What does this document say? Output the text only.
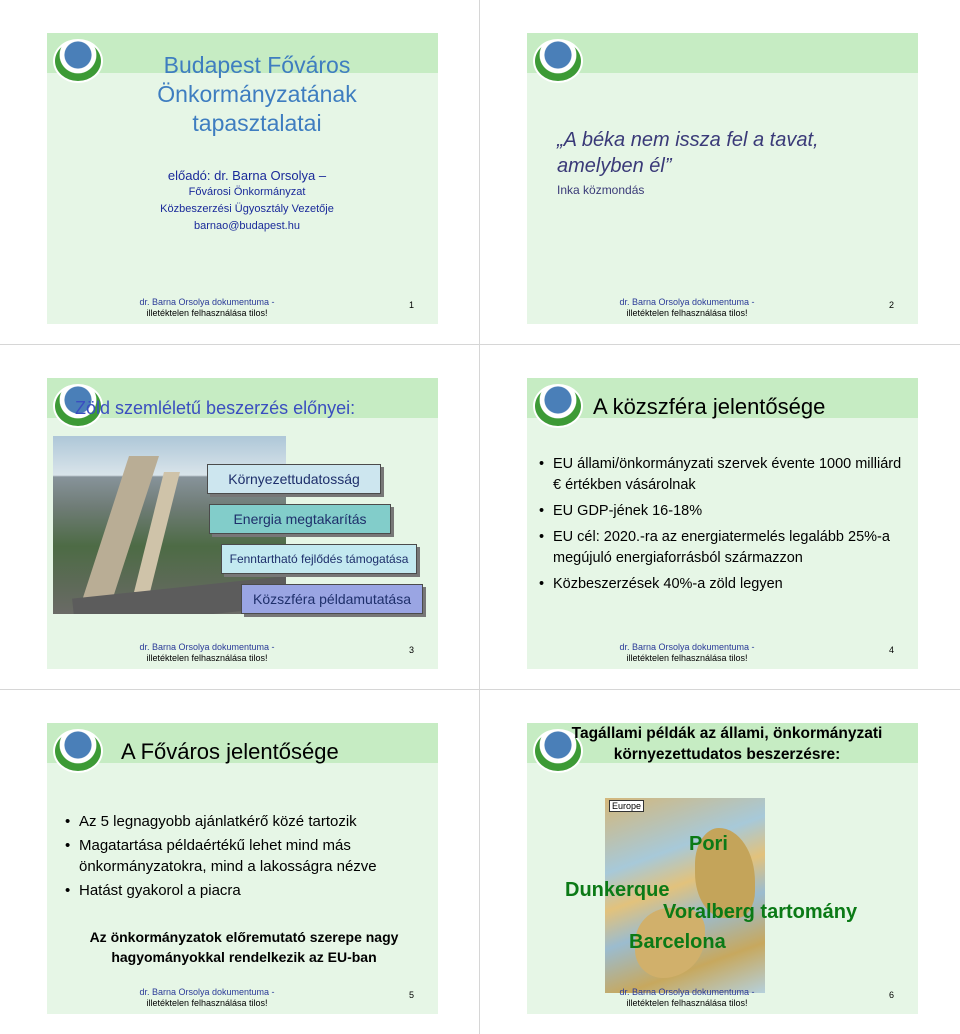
Budapest Főváros Önkormányzatának tapasztalatai
előadó: dr. Barna Orsolya –
Fővárosi Önkormányzat
Közbeszerzési Ügyosztály Vezetője
barnao@budapest.hu
dr. Barna Orsolya dokumentuma -
illetéktelen felhasználása tilos!
1
„A béka nem issza fel a tavat,
amelyben él”
Inka közmondás
dr. Barna Orsolya dokumentuma -
illetéktelen felhasználása tilos!
2
Zöld szemléletű beszerzés előnyei:
Környezettudatosság
Energia megtakarítás
Fenntartható fejlődés támogatása
Közszféra példamutatása
dr. Barna Orsolya dokumentuma -
illetéktelen felhasználása tilos!
3
A közszféra jelentősége
• EU állami/önkormányzati szervek évente 1000 milliárd € értékben vásárolnak
• EU GDP-jének 16-18%
• EU cél: 2020.-ra az energiatermelés legalább 25%-a megújuló energiaforrásból származzon
• Közbeszerzések 40%-a zöld legyen
dr. Barna Orsolya dokumentuma -
illetéktelen felhasználása tilos!
4
A Főváros jelentősége
• Az 5 legnagyobb ajánlatkérő közé tartozik
• Magatartása példaértékű lehet mind más önkormányzatokra, mind a lakosságra nézve
• Hatást gyakorol a piacra
Az önkormányzatok előremutató szerepe nagy hagyományokkal rendelkezik az EU-ban
dr. Barna Orsolya dokumentuma -
illetéktelen felhasználása tilos!
5
Tagállami példák az állami, önkormányzati környezettudatos beszerzésre:
Europe
Pori
Dunkerque
Voralberg tartomány
Barcelona
dr. Barna Orsolya dokumentuma -
illetéktelen felhasználása tilos!
6
